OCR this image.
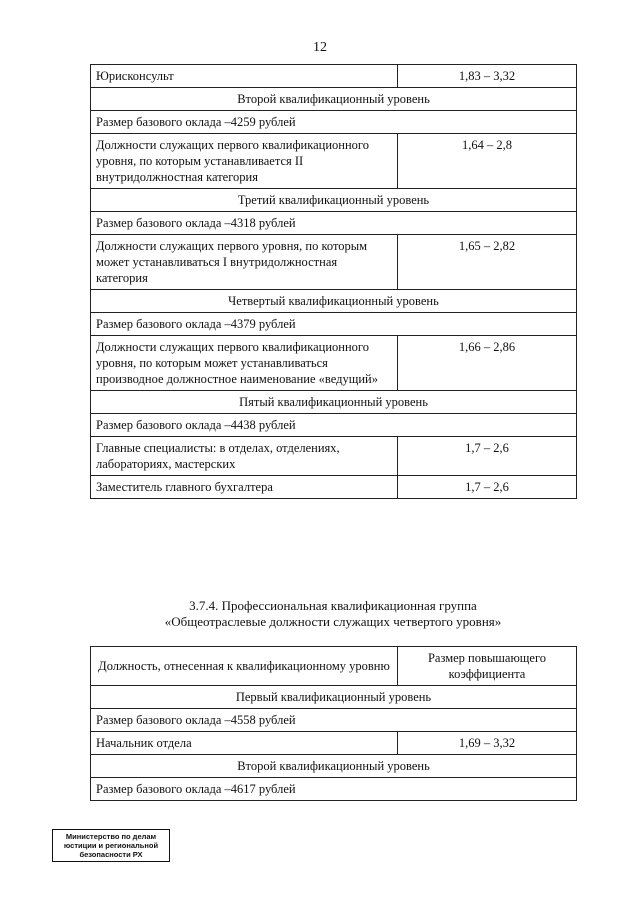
12
Юрисконсульт	1,83 – 3,32
Второй квалификационный уровень	
Размер базового оклада –4259 рублей	
Должности служащих первого квалификационного уровня, по которым устанавливается II внутридолжностная категория	1,64 – 2,8
Третий квалификационный уровень	
Размер базового оклада –4318 рублей	
Должности служащих первого уровня, по которым может устанавливаться I внутридолжностная категория	1,65 – 2,82
Четвертый квалификационный уровень	
Размер базового оклада –4379 рублей	
Должности служащих первого квалификационного уровня, по которым может устанавливаться производное должностное наименование «ведущий»	1,66 – 2,86
Пятый квалификационный уровень	
Размер базового оклада –4438 рублей	
Главные специалисты: в отделах, отделениях, лабораториях, мастерских	1,7 – 2,6
Заместитель главного бухгалтера	1,7 – 2,6
3.7.4. Профессиональная квалификационная группа
«Общеотраслевые должности служащих четвертого уровня»
Должность, отнесенная к квалификационному уровню	Размер повышающего коэффициента
Первый квалификационный уровень	
Размер базового оклада –4558 рублей	
Начальник отдела	1,69 – 3,32
Второй квалификационный уровень	
Размер базового оклада –4617 рублей	
Министерство по делам
юстиции и региональной
безопасности РХ
